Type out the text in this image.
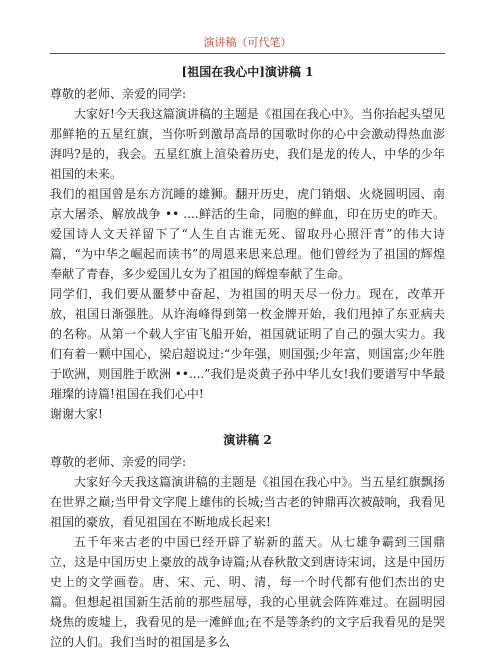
演讲稿（可代笔）
[祖国在我心中]演讲稿 1

尊敬的老师、亲爱的同学:

大家好!今天我这篇演讲稿的主题是《祖国在我心中》。当你抬起头望见那鲜艳的五星红旗，当你听到激昂高昂的国歌时你的心中会激动得热血澎湃吗?是的，我会。五星红旗上渲染着历史，我们是龙的传人，中华的少年祖国的未来。

我们的祖国曾是东方沉睡的雄狮。翻开历史，虎门销烟、火烧圆明园、南京大屠杀、解放战争 •• ....鲜活的生命，同胞的鲜血，印在历史的昨天。爱国诗人文天祥留下了“人生自古谁无死、留取丹心照汗青”的伟大诗篇，“为中华之崛起而读书”的周恩来思来总理。他们曾经为了祖国的辉煌奉献了青春，多少爱国儿女为了祖国的辉煌奉献了生命。

同学们，我们要从噩梦中奋起，为祖国的明天尽一份力。现在，改革开放，祖国日渐强胜。从许海峰得到第一枚金牌开始，我们甩掉了东亚病夫的名称。从第一个载人宇宙飞船开始，祖国就证明了自己的强大实力。我们有着一颗中国心，梁启超说过:“少年强，则国强;少年富，则国富;少年胜于欧洲，则国胜于欧洲 ••....”我们是炎黄子孙中华儿女!我们要谱写中华最璀璨的诗篇!祖国在我们心中!

谢谢大家!

演讲稿 2

尊敬的老师、亲爱的同学:

大家好今天我这篇演讲稿的主题是《祖国在我心中》。当五星红旗飘扬在世界之巅;当甲骨文字爬上雄伟的长城;当古老的钟鼎再次被敲响，我看见祖国的豪放，看见祖国在不断地成长起来!

五千年来古老的中国已经开辟了崭新的蓝天。从七雄争霸到三国鼎立，这是中国历史上豪放的战争诗篇;从春秋散文到唐诗宋词，这是中国历史上的文学画卷。唐、宋、元、明、清，每一个时代都有他们杰出的史篇。但想起祖国新生活前的那些屈辱，我的心里就会阵阵难过。在圆明园烧焦的废墟上，我看见的是一滩鲜血;在不是等条约的文字后我看见的是哭泣的人们。我们当时的祖国是多么
